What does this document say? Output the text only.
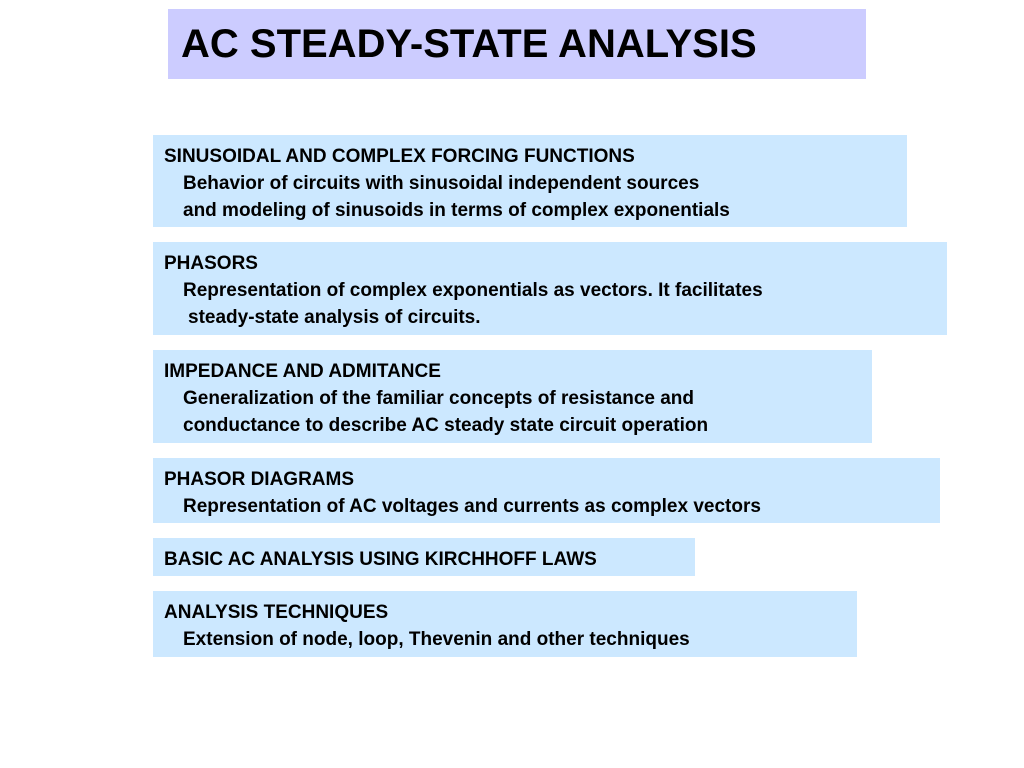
AC STEADY-STATE ANALYSIS
SINUSOIDAL AND COMPLEX FORCING FUNCTIONS
Behavior of circuits with sinusoidal independent sources
and modeling of sinusoids in terms of complex exponentials
PHASORS
Representation of complex exponentials as vectors. It facilitates
steady-state analysis of circuits.
IMPEDANCE AND ADMITANCE
Generalization of the familiar concepts of resistance and
conductance to describe AC steady state circuit operation
PHASOR DIAGRAMS
Representation of AC voltages and currents as complex vectors
BASIC AC ANALYSIS USING KIRCHHOFF LAWS
ANALYSIS TECHNIQUES
Extension of node, loop, Thevenin and other techniques
